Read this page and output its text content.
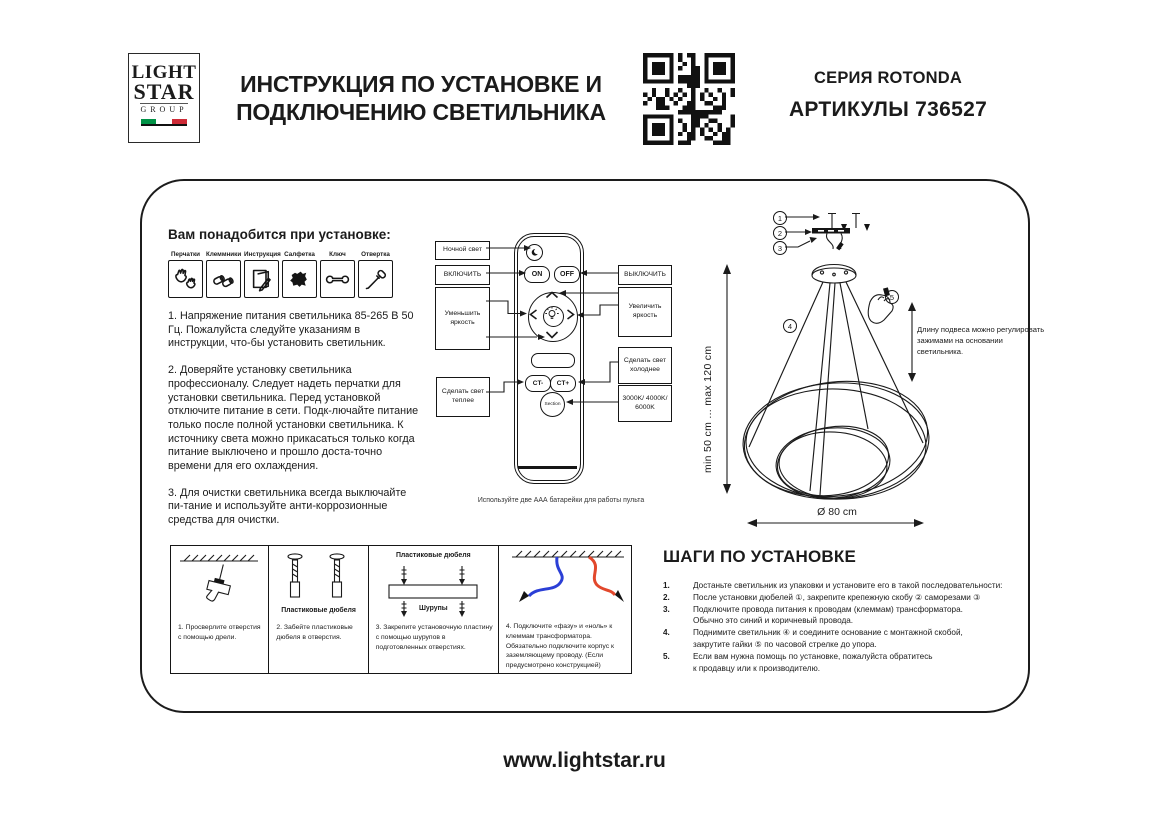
LIGHT
STAR
GROUP
ИНСТРУКЦИЯ ПО УСТАНОВКЕ И
ПОДКЛЮЧЕНИЮ СВЕТИЛЬНИКА
СЕРИЯ ROTONDA
АРТИКУЛЫ 736527
Вам понадобится при установке:
Перчатки Клеммники Инструкция Салфетка	Ключ	Отвертка

1. Напряжение питания светильника 85-265 В 50 Гц. Пожалуйста следуйте указаниям в инструкции, что-бы установить светильник.

2. Доверяйте установку светильника профессионалу. Следует надеть перчатки для установки светильника. Перед установкой отключите питание в сети. Подк-лючайте питание только после полной установки светильника. К источнику света можно прикасаться только когда питание выключено и прошло доста-точно времени для его охлаждения.

3. Для очистки светильника всегда выключайте пи-тание и используйте анти-коррозионные средства для очистки.

ON	OFF
CT-	CT+
Section
Ночной свет
ВКЛЮЧИТЬ
Уменьшить яркость
Сделать свет теплее
ВЫКЛЮЧИТЬ
Увеличить яркость
Сделать свет холоднее
3000K/ 4000K/ 6000K
Используйте две ААА батарейки для работы пульта
1
2
3
4
5
min 50 cm ... max 120 cm
Длину подвеса можно регулировать зажимами на основании светильника.
Ø 80 cm
1. Просверлите отверстия с помощью дрели.
Пластиковые дюбеля
2. Забейте пластиковые дюбеля в отверстия.
Пластиковые дюбеля
Шурупы
3. Закрепите установочную пластину с помощью шурупов в подготовленных отверстиях.
4. Подключите «фазу» и «ноль» к клеммам трансформатора. Обязательно подключите корпус к заземляющему проводу. (Если предусмотрено конструкцией)
ШАГИ ПО УСТАНОВКЕ
1.	Достаньте светильник из упаковки и установите его в такой последовательности:
2.	После установки дюбелей ①, закрепите крепежную скобу ② саморезами ③
3.	Подключите провода питания к проводам (клеммам) трансформатора.
Обычно это синий и коричневый провода.
4.	Поднимите светильник ④ и соедините основание с монтажной скобой,
закрутите гайки ⑤ по часовой стрелке до упора.
5.	Если вам нужна помощь по установке, пожалуйста обратитесь
к продавцу или к производителю.
www.lightstar.ru
